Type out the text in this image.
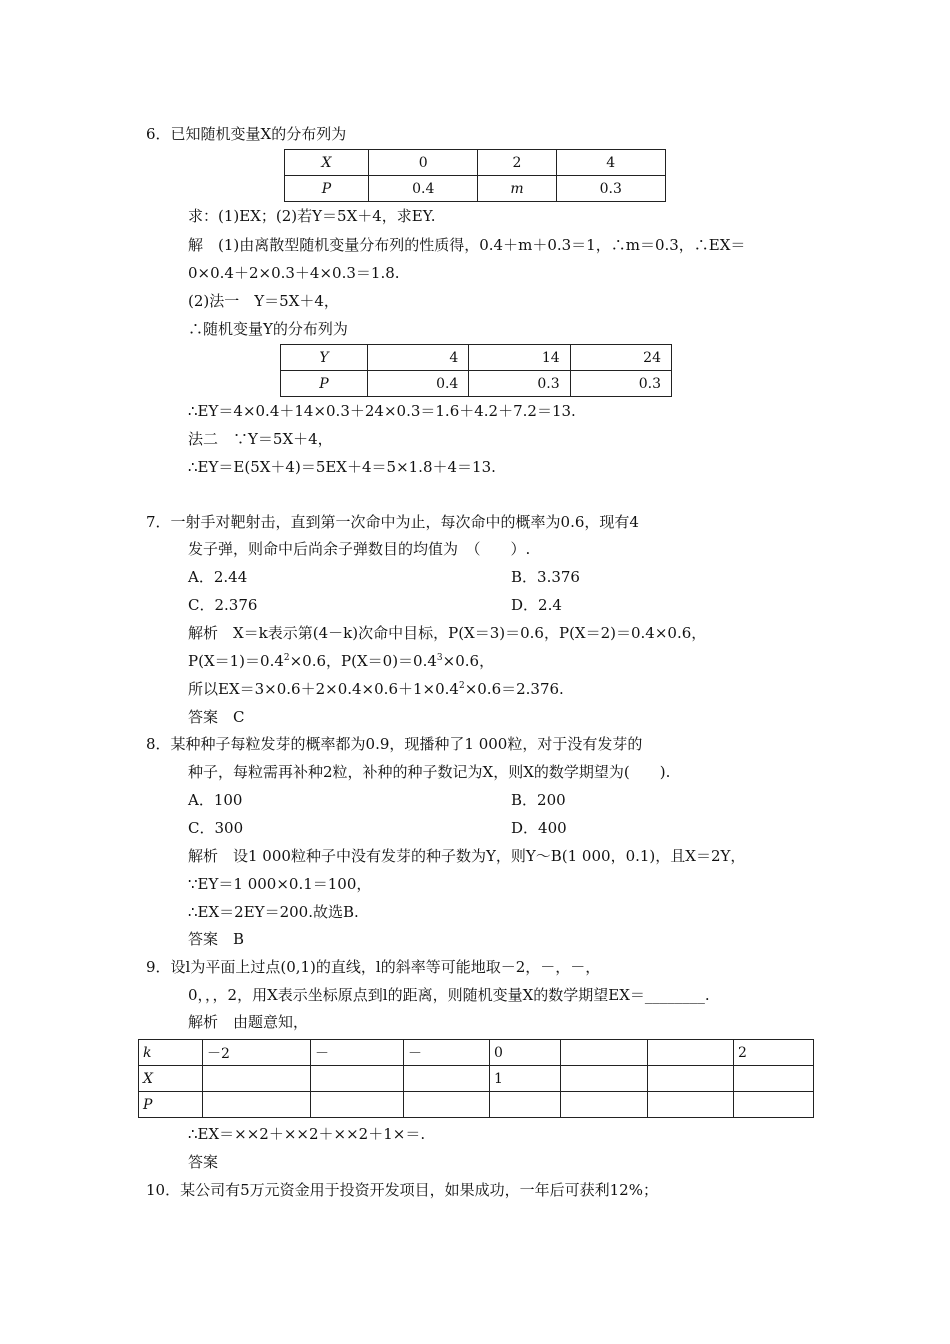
6．已知随机变量X的分布列为
X	0	2	4
P	0.4	m	0.3
求：(1)EX；(2)若Y＝5X＋4，求EY.
解　(1)由离散型随机变量分布列的性质得，0.4＋m＋0.3＝1，∴m＝0.3，∴EX＝
0×0.4＋2×0.3＋4×0.3＝1.8.
(2)法一　Y＝5X＋4，
∴随机变量Y的分布列为
Y	4	14	24
P	0.4	0.3	0.3
∴EY＝4×0.4＋14×0.3＋24×0.3＝1.6＋4.2＋7.2＝13.
法二　∵Y＝5X＋4，
∴EY＝E(5X＋4)＝5EX＋4＝5×1.8＋4＝13.
7．一射手对靶射击，直到第一次命中为止，每次命中的概率为0.6，现有4
发子弹，则命中后尚余子弹数目的均值为　（　　）.
A．2.44	B．3.376
C．2.376	D．2.4
解析　X＝k表示第(4－k)次命中目标，P(X＝3)＝0.6，P(X＝2)＝0.4×0.6，
$P(X=1)=0.4^2\times 0.6$，$P(X=0)=0.4^3\times 0.6$，
所以$EX=3\times 0.6+2\times 0.4\times 0.6+1\times 0.4^2\times 0.6=2.376$.
答案　C
8．某种种子每粒发芽的概率都为0.9，现播种了1 000粒，对于没有发芽的
种子，每粒需再补种2粒，补种的种子数记为X，则X的数学期望为(　　).
A．100	B．200
C．300	D．400
解析　设1 000粒种子中没有发芽的种子数为Y，则Y～B(1 000，0.1)，且X＝2Y，
∵EY＝1 000×0.1＝100，
∴EX＝2EY＝200.故选B.
答案　B
9．设l为平面上过点(0,1)的直线，l的斜率等可能地取－2，－，－，
0，，，2，用X表示坐标原点到l的距离，则随机变量X的数学期望EX＝________.
解析　由题意知，
k	－2	－	－	0			2
X				1			
P							
∴EX＝××2＋××2＋××2＋1×＝.
答案
10．某公司有5万元资金用于投资开发项目，如果成功，一年后可获利12%；
